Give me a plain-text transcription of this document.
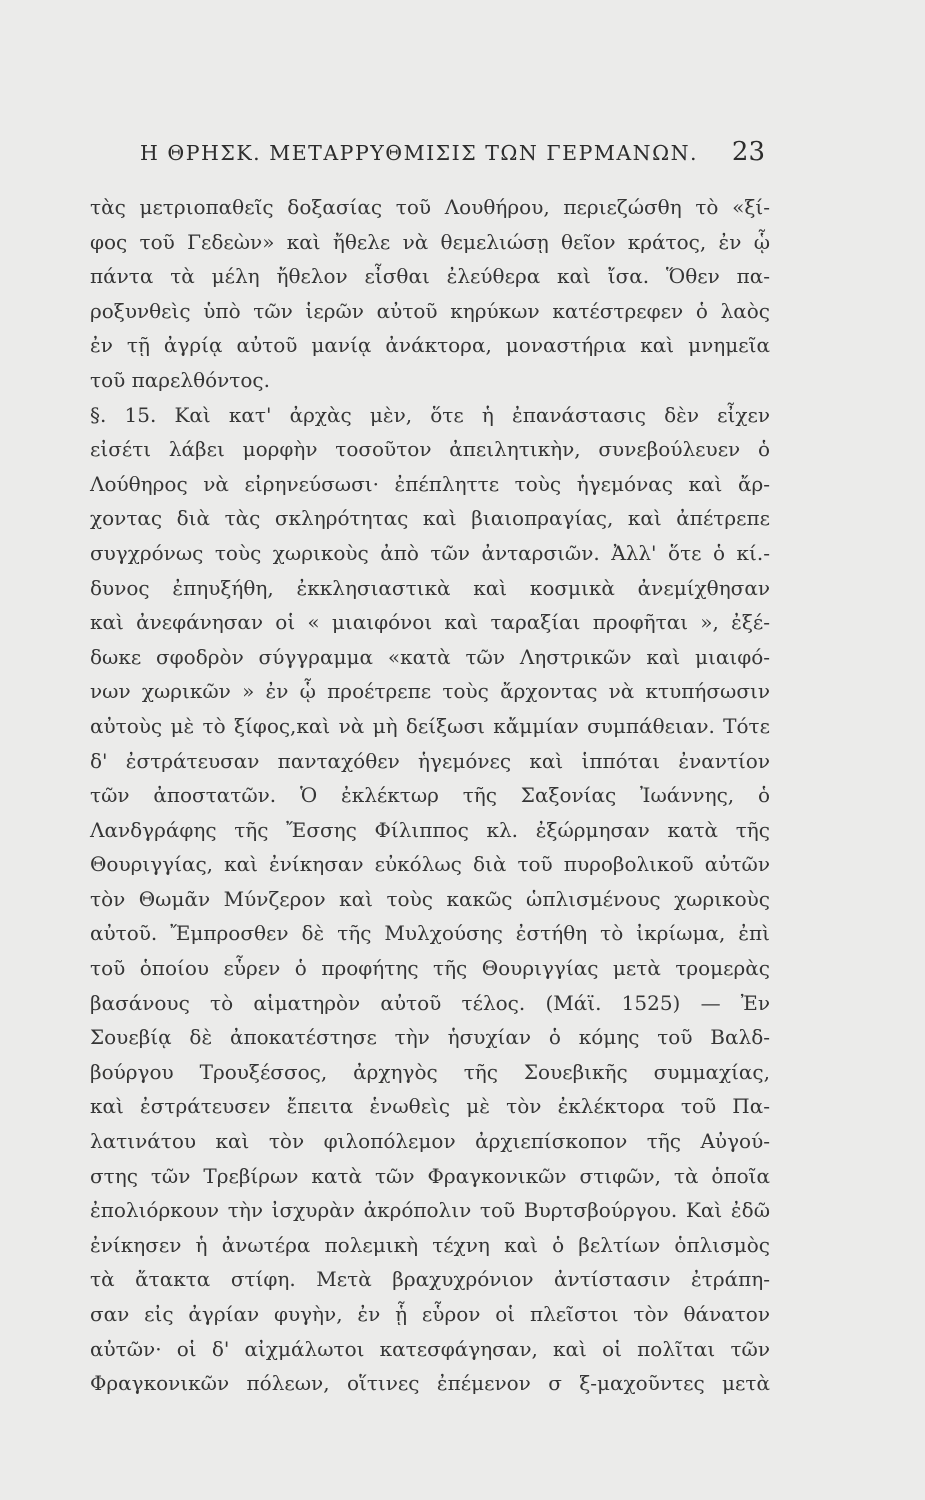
Η ΘΡΗΣΚ. ΜΕΤΑΡΡΥΘΜΙΣΙΣ ΤΩΝ ΓΕΡΜΑΝΩΝ. 23
τὰς μετριοπαθεῖς δοξασίας τοῦ Λουθήρου, περιεζώσθη τὸ «ξί-
φος τοῦ Γεδεὼν» καὶ ἤθελε νὰ θεμελιώσῃ θεῖον κράτος, ἐν ᾧ
πάντα τὰ μέλη ἤθελον εἶσθαι ἐλεύθερα καὶ ἴσα. Ὅθεν πα-
ροξυνθεὶς ὑπὸ τῶν ἱερῶν αὐτοῦ κηρύκων κατέστρεφεν ὁ λαὸς
ἐν τῇ ἀγρίᾳ αὐτοῦ μανίᾳ ἀνάκτορα, μοναστήρια καὶ μνημεῖα
τοῦ παρελθόντος.
§. 15. Καὶ κατ' ἀρχὰς μὲν, ὅτε ἡ ἐπανάστασις δὲν εἶχεν
εἰσέτι λάβει μορφὴν τοσοῦτον ἀπειλητικὴν, συνεβούλευεν ὁ
Λούθηρος νὰ εἰρηνεύσωσι· ἐπέπληττε τοὺς ἡγεμόνας καὶ ἄρ-
χοντας διὰ τὰς σκληρότητας καὶ βιαιοπραγίας, καὶ ἀπέτρεπε
συγχρόνως τοὺς χωρικοὺς ἀπὸ τῶν ἀνταρσιῶν. Ἀλλ' ὅτε ὁ κί.-
δυνος ἐπηυξήθη, ἐκκλησιαστικὰ καὶ κοσμικὰ ἀνεμίχθησαν
καὶ ἀνεφάνησαν οἱ « μιαιφόνοι καὶ ταραξίαι προφῆται », ἐξέ-
δωκε σφοδρὸν σύγγραμμα «κατὰ τῶν Ληστρικῶν καὶ μιαιφό-
νων χωρικῶν » ἐν ᾧ προέτρεπε τοὺς ἄρχοντας νὰ κτυπήσωσιν
αὐτοὺς μὲ τὸ ξίφος,καὶ νὰ μὴ δείξωσι κἄμμίαν συμπάθειαν. Τότε
δ' ἐστράτευσαν πανταχόθεν ἡγεμόνες καὶ ἱππόται ἐναντίον
τῶν ἀποστατῶν. Ὁ ἐκλέκτωρ τῆς Σαξονίας Ἰωάννης, ὁ
Λανδγράφης τῆς Ἔσσης Φίλιππος κλ. ἐξώρμησαν κατὰ τῆς
Θουριγγίας, καὶ ἐνίκησαν εὐκόλως διὰ τοῦ πυροβολικοῦ αὐτῶν
τὸν Θωμᾶν Μύνζερον καὶ τοὺς κακῶς ὡπλισμένους χωρικοὺς
αὐτοῦ. Ἔμπροσθεν δὲ τῆς Μυλχούσης ἐστήθη τὸ ἰκρίωμα, ἐπὶ
τοῦ ὁποίου εὗρεν ὁ προφήτης τῆς Θουριγγίας μετὰ τρομερὰς
βασάνους τὸ αἱματηρὸν αὐτοῦ τέλος. (Μάϊ. 1525) — Ἐν
Σουεβίᾳ δὲ ἀποκατέστησε τὴν ἡσυχίαν ὁ κόμης τοῦ Βαλδ-
βούργου Τρουξέσσος, ἀρχηγὸς τῆς Σουεβικῆς συμμαχίας,
καὶ ἐστράτευσεν ἔπειτα ἑνωθεὶς μὲ τὸν ἐκλέκτορα τοῦ Πα-
λατινάτου καὶ τὸν φιλοπόλεμον ἀρχιεπίσκοπον τῆς Αὐγού-
στης τῶν Τρεβίρων κατὰ τῶν Φραγκονικῶν στιφῶν, τὰ ὁποῖα
ἐπολιόρκουν τὴν ἰσχυρὰν ἀκρόπολιν τοῦ Βυρτσβούργου. Καὶ ἐδῶ
ἐνίκησεν ἡ ἀνωτέρα πολεμικὴ τέχνη καὶ ὁ βελτίων ὁπλισμὸς
τὰ ἄτακτα στίφη. Μετὰ βραχυχρόνιον ἀντίστασιν ἐτράπη-
σαν εἰς ἀγρίαν φυγὴν, ἐν ᾗ εὗρον οἱ πλεῖστοι τὸν θάνατον
αὐτῶν· οἱ δ' αἰχμάλωτοι κατεσφάγησαν, καὶ οἱ πολῖται τῶν
Φραγκονικῶν πόλεων, οἵτινες ἐπέμενον σ ξ-μαχοῦντες μετὰ
